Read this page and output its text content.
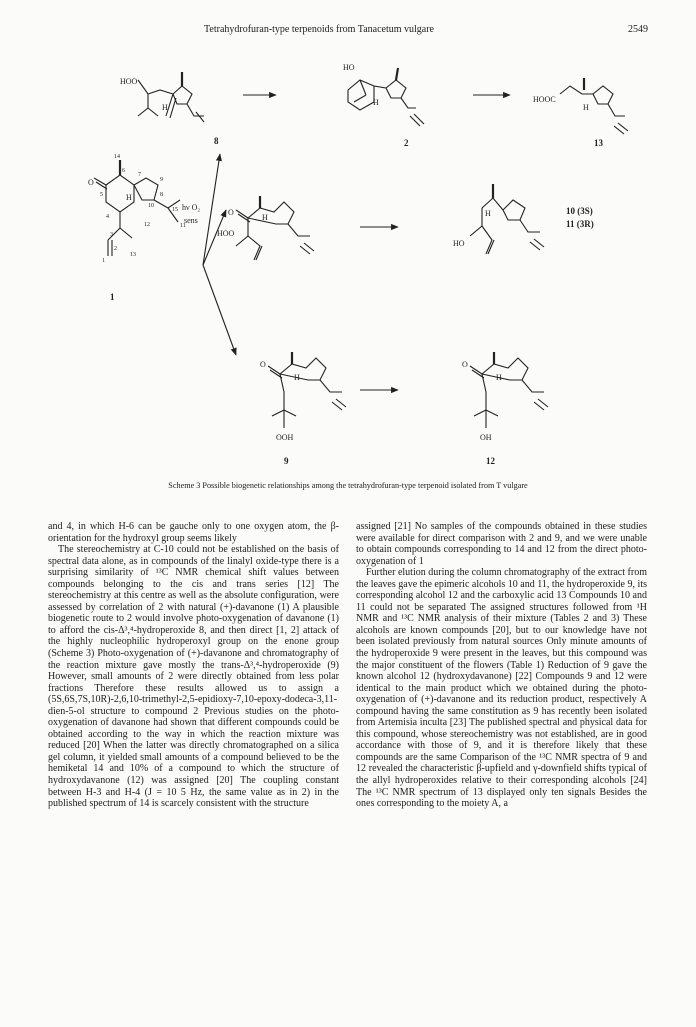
Tetrahydrofuran-type terpenoids from Tanacetum vulgare	2549
HOO
HO
HOOC
HOO
HO
OOH	OH
O
O
O	O
H
H
H
H
H
H
H	H
hν O₂
sens
14
6
7
5
10
15
9
8
4
3
2
11
12
1
13
8	2	13
1
10 (3S)
11 (3R)
9	12
Scheme 3 Possible biogenetic relationships among the tetrahydrofuran-type terpenoid isolated from T vulgare

and 4, in which H-6 can be gauche only to one oxygen atom, the β-orientation for the hydroxyl group seems likely

The stereochemistry at C-10 could not be established on the basis of spectral data alone, as in compounds of the linalyl oxide-type there is a surprising similarity of ¹³C NMR chemical shift values between compounds belonging to the cis and trans series [12] The stereochemistry at this centre as well as the absolute configuration, were assessed by correlation of 2 with natural (+)-davanone (1) A plausible biogenetic route to 2 would involve photo-oxygenation of davanone (1) to afford the cis-Δ³,⁴-hydroperoxide 8, and then direct [1, 2] attack of the highly nucleophilic hydroperoxyl group on the enone group (Scheme 3) Photo-oxygenation of (+)-davanone and chromatography of the reaction mixture gave mostly the trans-Δ³,⁴-hydroperoxide (9) However, small amounts of 2 were directly obtained from less polar fractions Therefore these results allowed us to assign a (5S,6S,7S,10R)-2,6,10-trimethyl-2,5-epidioxy-7,10-epoxy-dodeca-3,11-dien-5-ol structure to compound 2 Previous studies on the photo-oxygenation of davanone had shown that different compounds could be obtained according to the way in which the reaction mixture was reduced [20] When the latter was directly chromatographed on a silica gel column, it yielded small amounts of a compound believed to be the hemiketal 14 and 10% of a compound to which the structure of hydroxydavanone (12) was assigned [20] The coupling constant between H-3 and H-4 (J = 10 5 Hz, the same value as in 2) in the published spectrum of 14 is scarcely consistent with the structure

assigned [21] No samples of the compounds obtained in these studies were available for direct comparison with 2 and 9, and we were unable to obtain compounds corresponding to 14 and 12 from the direct photo-oxygenation of 1

Further elution during the column chromatography of the extract from the leaves gave the epimeric alcohols 10 and 11, the hydroperoxide 9, its corresponding alcohol 12 and the carboxylic acid 13 Compounds 10 and 11 could not be separated The assigned structures followed from ¹H NMR and ¹³C NMR analysis of their mixture (Tables 2 and 3) These alcohols are known compounds [20], but to our knowledge have not been isolated previously from natural sources Only minute amounts of the hydroperoxide 9 were present in the leaves, but this compound was the major constituent of the flowers (Table 1) Reduction of 9 gave the known alcohol 12 (hydroxydavanone) [22] Compounds 9 and 12 were identical to the main product which we obtained during the photo-oxygenation of (+)-davanone and its reduction product, respectively A compound having the same constitution as 9 has recently been isolated from Artemisia inculta [23] The published spectral and physical data for this compound, whose stereochemistry was not established, are in good accordance with those of 9, and it is therefore likely that these compounds are the same Comparison of the ¹³C NMR spectra of 9 and 12 revealed the characteristic β-upfield and γ-downfield shifts typical of the allyl hydroperoxides relative to their corresponding alcohols [24] The ¹³C NMR spectrum of 13 displayed only ten signals Besides the ones corresponding to the moiety A, a
